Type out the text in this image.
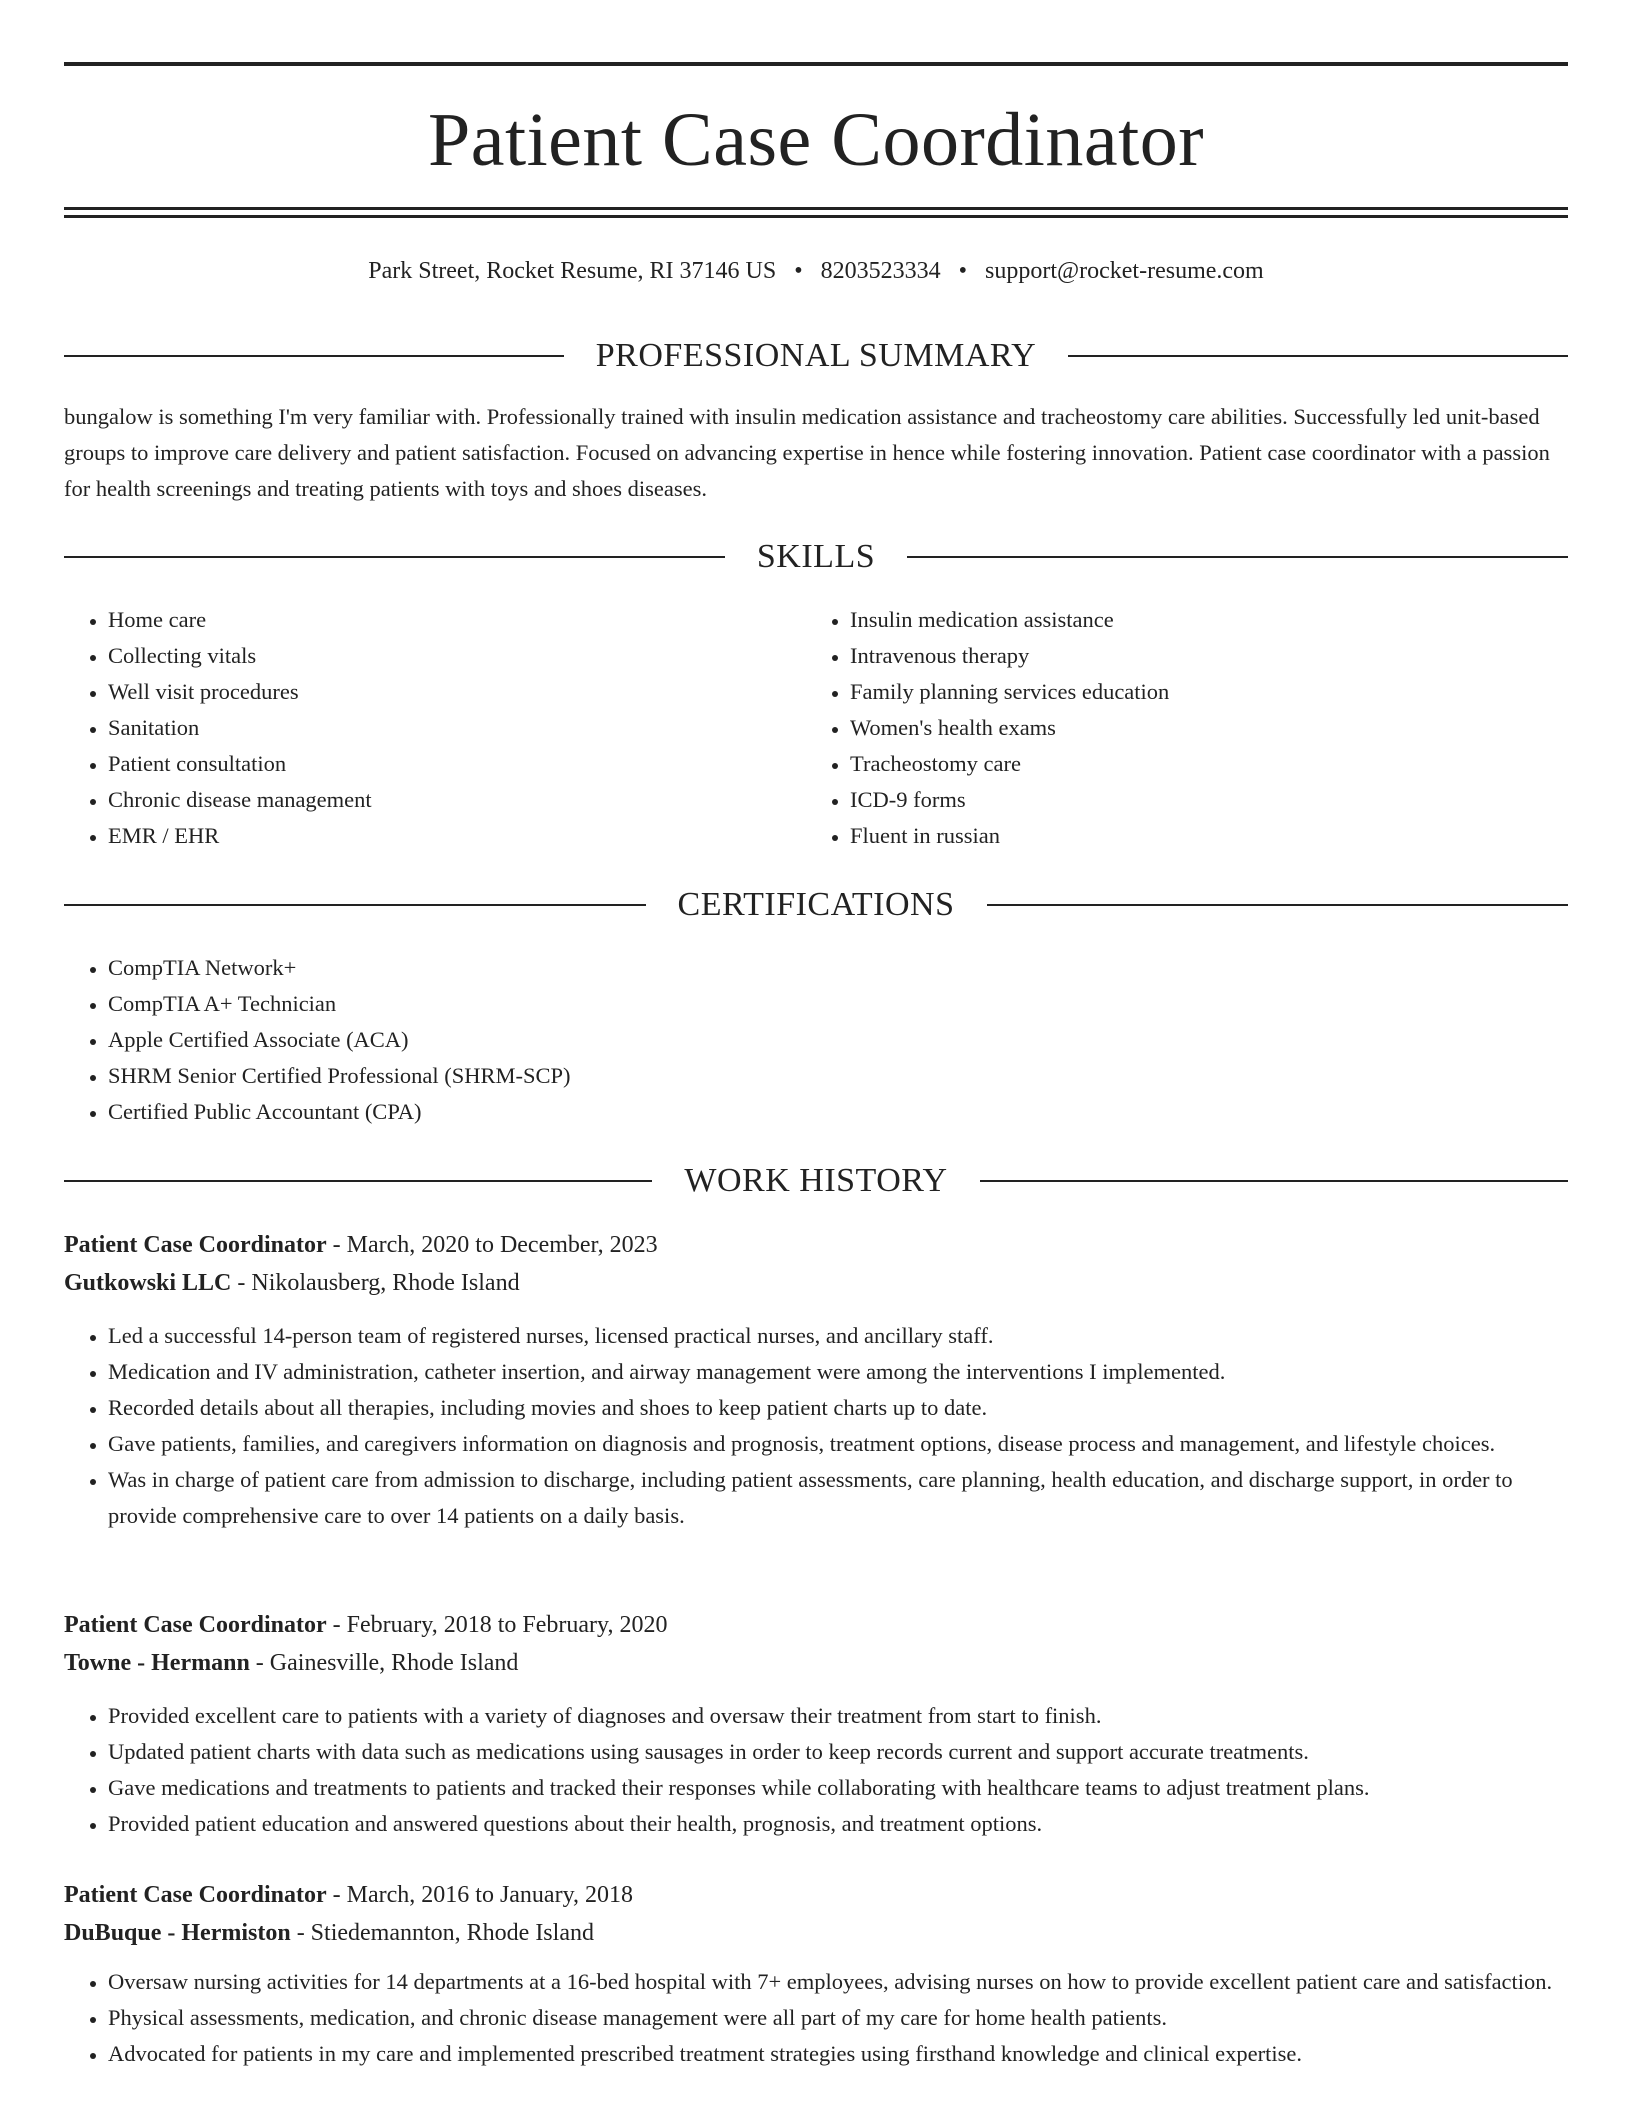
Patient Case Coordinator
Park Street, Rocket Resume, RI 37146 US • 8203523334 • support@rocket-resume.com
PROFESSIONAL SUMMARY
bungalow is something I'm very familiar with. Professionally trained with insulin medication assistance and tracheostomy care abilities. Successfully led unit-based groups to improve care delivery and patient satisfaction. Focused on advancing expertise in hence while fostering innovation. Patient case coordinator with a passion for health screenings and treating patients with toys and shoes diseases.
SKILLS
• Home care
• Collecting vitals
• Well visit procedures
• Sanitation
• Patient consultation
• Chronic disease management
• EMR / EHR
• Insulin medication assistance
• Intravenous therapy
• Family planning services education
• Women's health exams
• Tracheostomy care
• ICD-9 forms
• Fluent in russian
CERTIFICATIONS
• CompTIA Network+
• CompTIA A+ Technician
• Apple Certified Associate (ACA)
• SHRM Senior Certified Professional (SHRM-SCP)
• Certified Public Accountant (CPA)
WORK HISTORY
Patient Case Coordinator - March, 2020 to December, 2023
Gutkowski LLC - Nikolausberg, Rhode Island
• Led a successful 14-person team of registered nurses, licensed practical nurses, and ancillary staff.
• Medication and IV administration, catheter insertion, and airway management were among the interventions I implemented.
• Recorded details about all therapies, including movies and shoes to keep patient charts up to date.
• Gave patients, families, and caregivers information on diagnosis and prognosis, treatment options, disease process and management, and lifestyle choices.
• Was in charge of patient care from admission to discharge, including patient assessments, care planning, health education, and discharge support, in order to provide comprehensive care to over 14 patients on a daily basis.
Patient Case Coordinator - February, 2018 to February, 2020
Towne - Hermann - Gainesville, Rhode Island
• Provided excellent care to patients with a variety of diagnoses and oversaw their treatment from start to finish.
• Updated patient charts with data such as medications using sausages in order to keep records current and support accurate treatments.
• Gave medications and treatments to patients and tracked their responses while collaborating with healthcare teams to adjust treatment plans.
• Provided patient education and answered questions about their health, prognosis, and treatment options.
Patient Case Coordinator - March, 2016 to January, 2018
DuBuque - Hermiston - Stiedemannton, Rhode Island
• Oversaw nursing activities for 14 departments at a 16-bed hospital with 7+ employees, advising nurses on how to provide excellent patient care and satisfaction.
• Physical assessments, medication, and chronic disease management were all part of my care for home health patients.
• Advocated for patients in my care and implemented prescribed treatment strategies using firsthand knowledge and clinical expertise.
